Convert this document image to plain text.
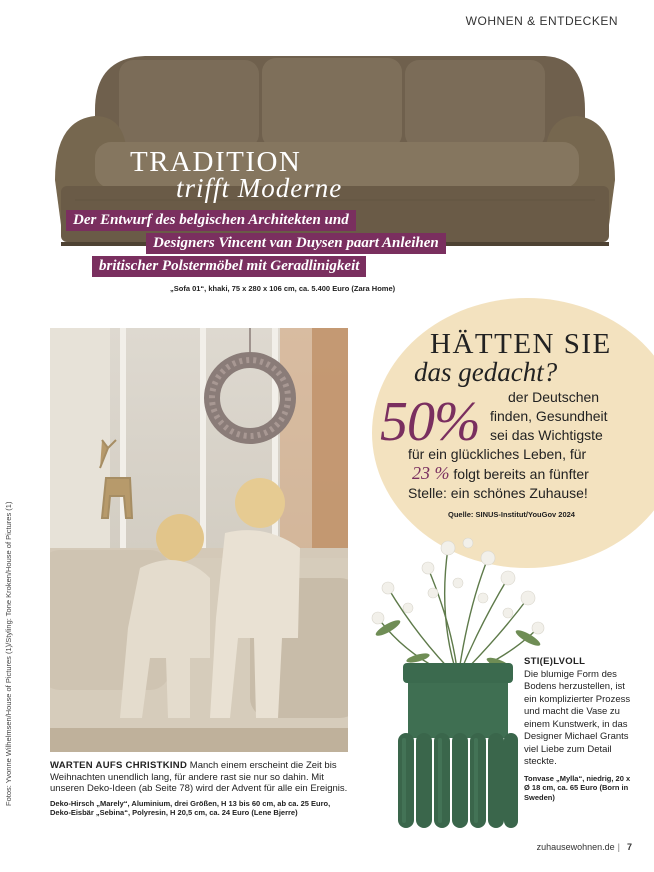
WOHNEN & ENTDECKEN
TRADITION
trifft Moderne
Der Entwurf des belgischen Architekten und
Designers Vincent van Duysen paart Anleihen
britischer Polstermöbel mit Geradlinigkeit
„Sofa 01“, khaki, 75 x 280 x 106 cm, ca. 5.400 Euro (Zara Home)
Fotos: Yvonne Wilhelmsen/House of Pictures (1)/Styling: Tone Kroken/House of Pictures (1)	WARTEN AUFS CHRISTKIND Manch einem erscheint die Zeit bis Weihnachten unendlich lang, für andere rast sie nur so dahin. Mit unseren Deko-Ideen (ab Seite 78) wird der Advent für alle ein Ereignis.
Deko-Hirsch „Marely“, Aluminium, drei Größen, H 13 bis 60 cm, ab ca. 25 Euro, Deko-Eisbär „Sebina“, Polyresin, H 20,5 cm, ca. 24 Euro (Lene Bjerre)
HÄTTEN SIE
das gedacht?
50% der Deutschen
finden, Gesundheit
sei das Wichtigste
für ein glückliches Leben, für
23 % folgt bereits an fünfter
Stelle: ein schönes Zuhause!
Quelle: SINUS-Institut/YouGov 2024
STI(E)LVOLL
Die blumige Form des Bodens herzustellen, ist ein komplizierter Prozess und macht die Vase zu einem Kunstwerk, in das Designer Michael Grants viel Liebe zum Detail steckte.
Tonvase „Mylla“, niedrig, 20 x Ø 18 cm, ca. 65 Euro (Born in Sweden)
zuhausewohnen.de | 7
